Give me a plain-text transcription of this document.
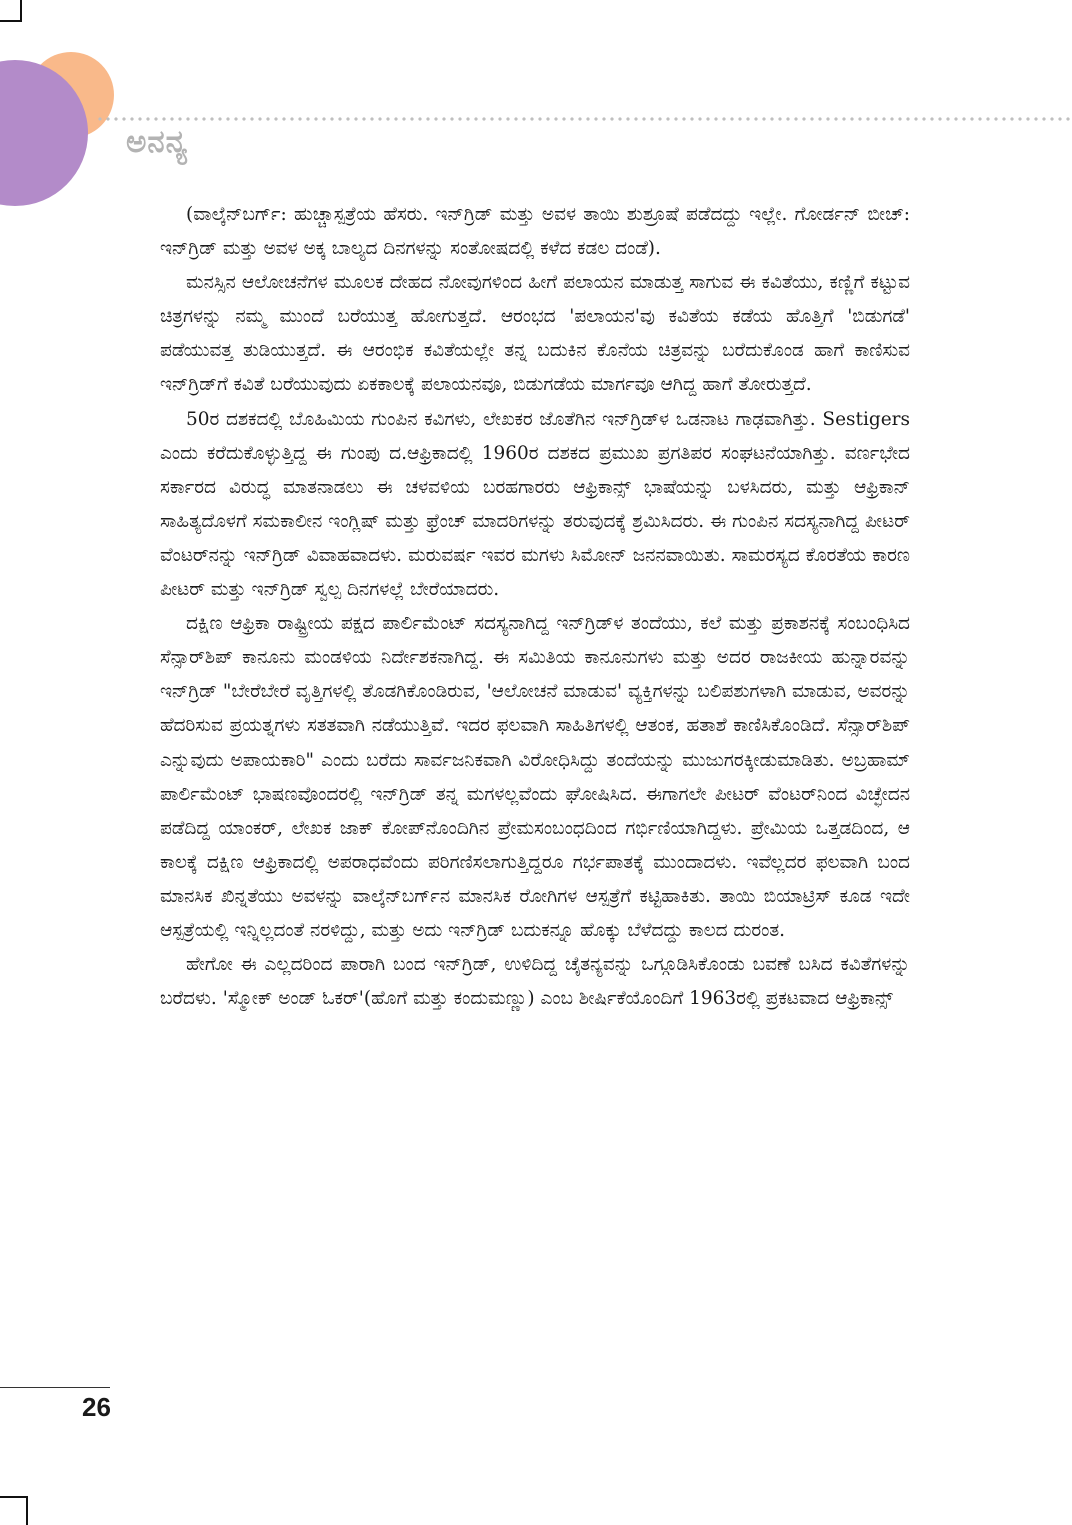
ಅನನ್ಯ

(ವಾಲ್ಕೆನ್‌ಬರ್ಗ್: ಹುಚ್ಚಾಸ್ಪತ್ರೆಯ ಹೆಸರು. ಇನ್‌ಗ್ರಿಡ್ ಮತ್ತು ಅವಳ ತಾಯಿ ಶುಶ್ರೂಷೆ ಪಡೆದದ್ದು ಇಲ್ಲೇ. ಗೋರ್ಡನ್ ಬೀಚ್: ಇನ್‌ಗ್ರಿಡ್ ಮತ್ತು ಅವಳ ಅಕ್ಕ ಬಾಲ್ಯದ ದಿನಗಳನ್ನು ಸಂತೋಷದಲ್ಲಿ ಕಳೆದ ಕಡಲ ದಂಡೆ).

ಮನಸ್ಸಿನ ಆಲೋಚನೆಗಳ ಮೂಲಕ ದೇಹದ ನೋವುಗಳಿಂದ ಹೀಗೆ ಪಲಾಯನ ಮಾಡುತ್ತ ಸಾಗುವ ಈ ಕವಿತೆಯು, ಕಣ್ಣಿಗೆ ಕಟ್ಟುವ ಚಿತ್ರಗಳನ್ನು ನಮ್ಮ ಮುಂದೆ ಬರೆಯುತ್ತ ಹೋಗುತ್ತದೆ. ಆರಂಭದ 'ಪಲಾಯನ'ವು ಕವಿತೆಯ ಕಡೆಯ ಹೊತ್ತಿಗೆ 'ಬಿಡುಗಡೆ' ಪಡೆಯುವತ್ತ ತುಡಿಯುತ್ತದೆ. ಈ ಆರಂಭಿಕ ಕವಿತೆಯಲ್ಲೇ ತನ್ನ ಬದುಕಿನ ಕೊನೆಯ ಚಿತ್ರವನ್ನು ಬರೆದುಕೊಂಡ ಹಾಗೆ ಕಾಣಿಸುವ ಇನ್‌ಗ್ರಿಡ್‌ಗೆ ಕವಿತೆ ಬರೆಯುವುದು ಏಕಕಾಲಕ್ಕೆ ಪಲಾಯನವೂ, ಬಿಡುಗಡೆಯ ಮಾರ್ಗವೂ ಆಗಿದ್ದ ಹಾಗೆ ತೋರುತ್ತದೆ.

50ರ ದಶಕದಲ್ಲಿ ಬೊಹಿಮಿಯ ಗುಂಪಿನ ಕವಿಗಳು, ಲೇಖಕರ ಜೊತೆಗಿನ ಇನ್‌ಗ್ರಿಡ್‌ಳ ಒಡನಾಟ ಗಾಢವಾಗಿತ್ತು. Sestigers ಎಂದು ಕರೆದುಕೊಳ್ಳುತ್ತಿದ್ದ ಈ ಗುಂಪು ದ.ಆಫ್ರಿಕಾದಲ್ಲಿ 1960ರ ದಶಕದ ಪ್ರಮುಖ ಪ್ರಗತಿಪರ ಸಂಘಟನೆಯಾಗಿತ್ತು. ವರ್ಣಭೇದ ಸರ್ಕಾರದ ವಿರುದ್ಧ ಮಾತನಾಡಲು ಈ ಚಳವಳಿಯ ಬರಹಗಾರರು ಆಫ್ರಿಕಾನ್ಸ್ ಭಾಷೆಯನ್ನು ಬಳಸಿದರು, ಮತ್ತು ಆಫ್ರಿಕಾನ್ ಸಾಹಿತ್ಯದೊಳಗೆ ಸಮಕಾಲೀನ ಇಂಗ್ಲಿಷ್ ಮತ್ತು ಫ್ರೆಂಚ್ ಮಾದರಿಗಳನ್ನು ತರುವುದಕ್ಕೆ ಶ್ರಮಿಸಿದರು. ಈ ಗುಂಪಿನ ಸದಸ್ಯನಾಗಿದ್ದ ಪೀಟರ್ ವೆಂಟರ್‌ನನ್ನು ಇನ್‌ಗ್ರಿಡ್ ವಿವಾಹವಾದಳು. ಮರುವರ್ಷ ಇವರ ಮಗಳು ಸಿಮೋನ್ ಜನನವಾಯಿತು. ಸಾಮರಸ್ಯದ ಕೊರತೆಯ ಕಾರಣ ಪೀಟರ್ ಮತ್ತು ಇನ್‌ಗ್ರಿಡ್ ಸ್ವಲ್ಪ ದಿನಗಳಲ್ಲೆ ಬೇರೆಯಾದರು.

ದಕ್ಷಿಣ ಆಫ್ರಿಕಾ ರಾಷ್ಟ್ರೀಯ ಪಕ್ಷದ ಪಾರ್ಲಿಮೆಂಟ್ ಸದಸ್ಯನಾಗಿದ್ದ ಇನ್‌ಗ್ರಿಡ್‌ಳ ತಂದೆಯು, ಕಲೆ ಮತ್ತು ಪ್ರಕಾಶನಕ್ಕೆ ಸಂಬಂಧಿಸಿದ ಸೆನ್ಸಾರ್‌ಶಿಪ್ ಕಾನೂನು ಮಂಡಳಿಯ ನಿರ್ದೇಶಕನಾಗಿದ್ದ. ಈ ಸಮಿತಿಯ ಕಾನೂನುಗಳು ಮತ್ತು ಅದರ ರಾಜಕೀಯ ಹುನ್ನಾರವನ್ನು ಇನ್‌ಗ್ರಿಡ್ "ಬೇರೆಬೇರೆ ವೃತ್ತಿಗಳಲ್ಲಿ ತೊಡಗಿಕೊಂಡಿರುವ, 'ಆಲೋಚನೆ ಮಾಡುವ' ವ್ಯಕ್ತಿಗಳನ್ನು ಬಲಿಪಶುಗಳಾಗಿ ಮಾಡುವ, ಅವರನ್ನು ಹೆದರಿಸುವ ಪ್ರಯತ್ನಗಳು ಸತತವಾಗಿ ನಡೆಯುತ್ತಿವೆ. ಇದರ ಫಲವಾಗಿ ಸಾಹಿತಿಗಳಲ್ಲಿ ಆತಂಕ, ಹತಾಶೆ ಕಾಣಿಸಿಕೊಂಡಿದೆ. ಸೆನ್ಸಾರ್‌ಶಿಪ್ ಎನ್ನುವುದು ಅಪಾಯಕಾರಿ" ಎಂದು ಬರೆದು ಸಾರ್ವಜನಿಕವಾಗಿ ವಿರೋಧಿಸಿದ್ದು ತಂದೆಯನ್ನು ಮುಜುಗರಕ್ಕೀಡುಮಾಡಿತು. ಅಬ್ರಹಾಮ್ ಪಾರ್ಲಿಮೆಂಟ್ ಭಾಷಣವೊಂದರಲ್ಲಿ ಇನ್‌ಗ್ರಿಡ್ ತನ್ನ ಮಗಳಲ್ಲವೆಂದು ಘೋಷಿಸಿದ. ಈಗಾಗಲೇ ಪೀಟರ್ ವೆಂಟರ್‌ನಿಂದ ವಿಚ್ಛೇದನ ಪಡೆದಿದ್ದ ಯಾಂಕರ್, ಲೇಖಕ ಜಾಕ್ ಕೋಪ್‌ನೊಂದಿಗಿನ ಪ್ರೇಮಸಂಬಂಧದಿಂದ ಗರ್ಭಿಣಿಯಾಗಿದ್ದಳು. ಪ್ರೇಮಿಯ ಒತ್ತಡದಿಂದ, ಆ ಕಾಲಕ್ಕೆ ದಕ್ಷಿಣ ಆಫ್ರಿಕಾದಲ್ಲಿ ಅಪರಾಧವೆಂದು ಪರಿಗಣಿಸಲಾಗುತ್ತಿದ್ದರೂ ಗರ್ಭಪಾತಕ್ಕೆ ಮುಂದಾದಳು. ಇವೆಲ್ಲದರ ಫಲವಾಗಿ ಬಂದ ಮಾನಸಿಕ ಖಿನ್ನತೆಯು ಅವಳನ್ನು ವಾಲ್ಕೆನ್‌ಬರ್ಗ್‌ನ ಮಾನಸಿಕ ರೋಗಿಗಳ ಆಸ್ಪತ್ರೆಗೆ ಕಟ್ಟಿಹಾಕಿತು. ತಾಯಿ ಬಿಯಾಟ್ರಿಸ್ ಕೂಡ ಇದೇ ಆಸ್ಪತ್ರೆಯಲ್ಲಿ ಇನ್ನಿಲ್ಲದಂತೆ ನರಳಿದ್ದು, ಮತ್ತು ಅದು ಇನ್‌ಗ್ರಿಡ್ ಬದುಕನ್ನೂ ಹೊಕ್ಕು ಬೆಳೆದದ್ದು ಕಾಲದ ದುರಂತ.

ಹೇಗೋ ಈ ಎಲ್ಲದರಿಂದ ಪಾರಾಗಿ ಬಂದ ಇನ್‌ಗ್ರಿಡ್, ಉಳಿದಿದ್ದ ಚೈತನ್ಯವನ್ನು ಒಗ್ಗೂಡಿಸಿಕೊಂಡು ಬವಣೆ ಬಸಿದ ಕವಿತೆಗಳನ್ನು ಬರೆದಳು. 'ಸ್ಮೋಕ್ ಅಂಡ್ ಓಕರ್'(ಹೊಗೆ ಮತ್ತು ಕಂದುಮಣ್ಣು) ಎಂಬ ಶೀರ್ಷಿಕೆಯೊಂದಿಗೆ 1963ರಲ್ಲಿ ಪ್ರಕಟವಾದ ಆಫ್ರಿಕಾನ್ಸ್

26
